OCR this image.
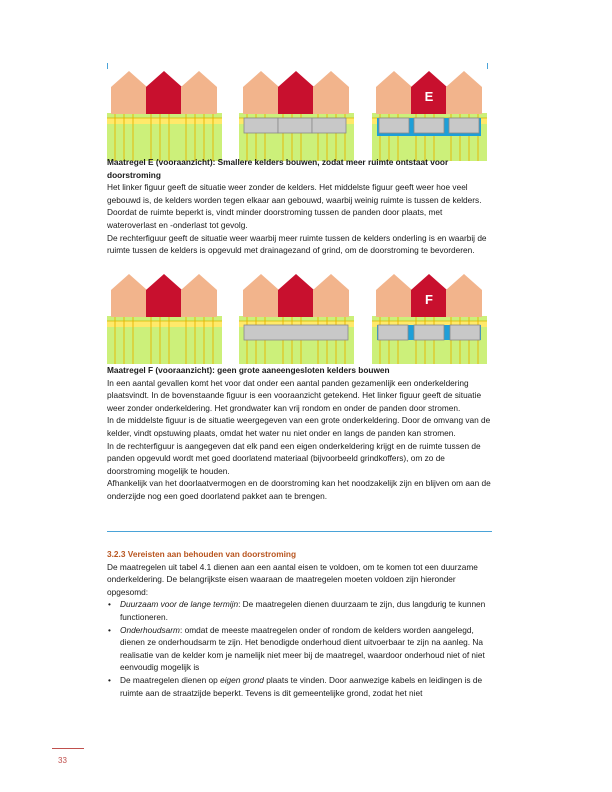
E

Maatregel E (vooraanzicht): Smallere kelders bouwen, zodat meer ruimte ontstaat voor doorstroming

Het linker figuur geeft de situatie weer zonder de kelders. Het middelste figuur geeft weer hoe veel gebouwd is, de kelders worden tegen elkaar aan gebouwd, waarbij weinig ruimte is tussen de kelders. Doordat de ruimte beperkt is, vindt minder doorstroming tussen de panden door plaats, met wateroverlast en -onderlast tot gevolg.

De rechterfiguur geeft de situatie weer waarbij meer ruimte tussen de kelders onderling is en waarbij de ruimte tussen de kelders is opgevuld met drainagezand of grind, om de doorstroming te bevorderen.

F

Maatregel F (vooraanzicht): geen grote aaneengesloten kelders bouwen

In een aantal gevallen komt het voor dat onder een aantal panden gezamenlijk een onderkeldering plaatsvindt. In de bovenstaande figuur is een vooraanzicht getekend. Het linker figuur geeft de situatie weer zonder onderkeldering. Het grondwater kan vrij rondom en onder de panden door stromen.

In de middelste figuur is de situatie weergegeven van een grote onderkeldering. Door de omvang van de kelder, vindt opstuwing plaats, omdat het water nu niet onder en langs de panden kan stromen.

In de rechterfiguur is aangegeven dat elk pand een eigen onderkeldering krijgt en de ruimte tussen de panden opgevuld wordt met goed doorlatend materiaal (bijvoorbeeld grindkoffers), om zo de doorstroming mogelijk te houden.

Afhankelijk van het doorlaatvermogen en de doorstroming kan het noodzakelijk zijn en blijven om aan de onderzijde nog een goed doorlatend pakket aan te brengen.

3.2.3 Vereisten aan behouden van doorstroming

De maatregelen uit tabel 4.1 dienen aan een aantal eisen te voldoen, om te komen tot een duurzame onderkeldering. De belangrijkste eisen waaraan de maatregelen moeten voldoen zijn hieronder opgesomd:

• Duurzaam voor de lange termijn: De maatregelen dienen duurzaam te zijn, dus langdurig te kunnen functioneren.
• Onderhoudsarm: omdat de meeste maatregelen onder of rondom de kelders worden aangelegd, dienen ze onderhoudsarm te zijn. Het benodigde onderhoud dient uitvoerbaar te zijn na aanleg. Na realisatie van de kelder kom je namelijk niet meer bij de maatregel, waardoor onderhoud niet of niet eenvoudig mogelijk is
• De maatregelen dienen op eigen grond plaats te vinden. Door aanwezige kabels en leidingen is de ruimte aan de straatzijde beperkt. Tevens is dit gemeentelijke grond, zodat het niet
33
